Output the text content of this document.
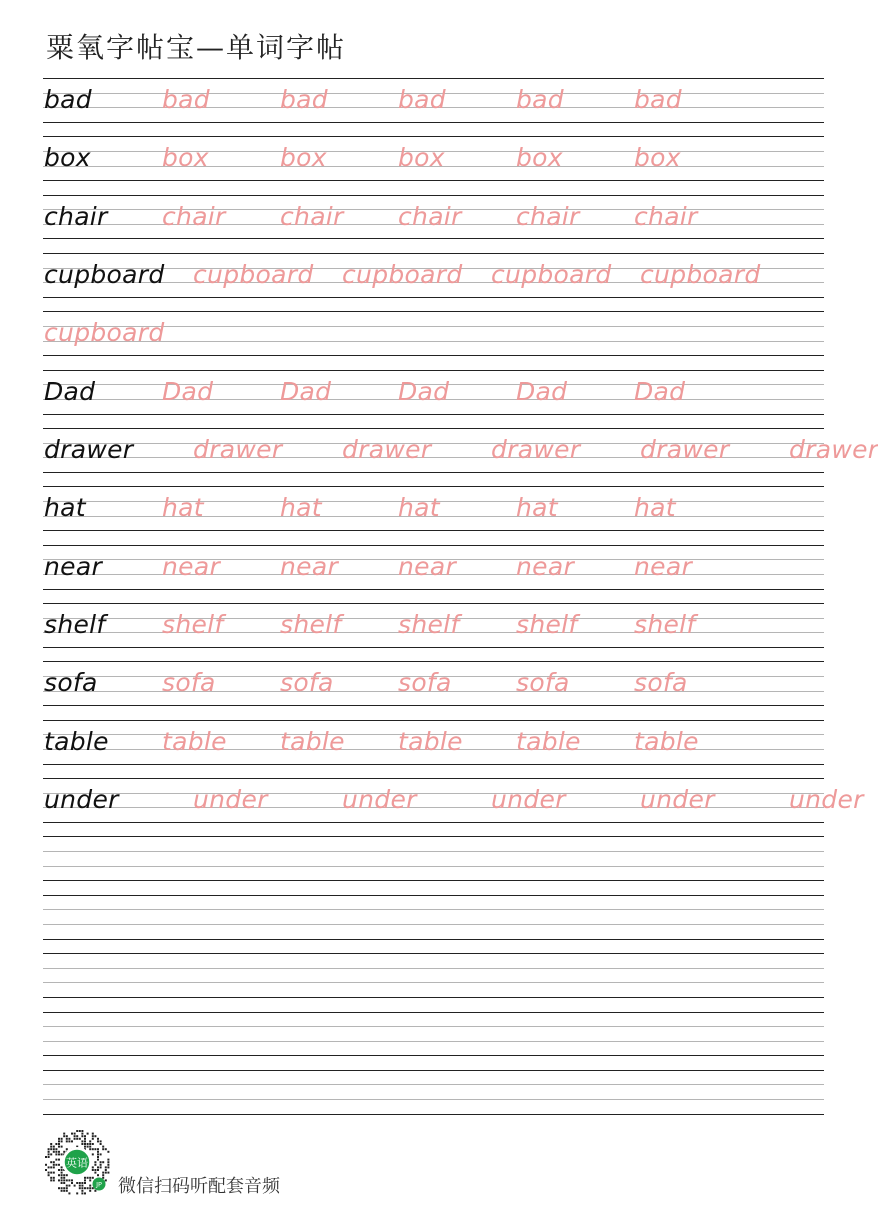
粟氧字帖宝—单词字帖
bad	bad	bad	bad	bad	bad
box	box	box	box	box	box
chair chair chair chair chair chair
cupboard cupboard cupboard cupboard cupboard
cupboard
Dad	Dad	Dad	Dad	Dad	Dad
drawer drawer drawer drawer drawer drawer
hat	hat	hat	hat	hat	hat
near near near near near near
shelf shelf shelf shelf shelf shelf
sofa	sofa	sofa	sofa	sofa	sofa
table table table table table table
under	under	under	under	under	under
英语
JP 微信扫码听配套音频
